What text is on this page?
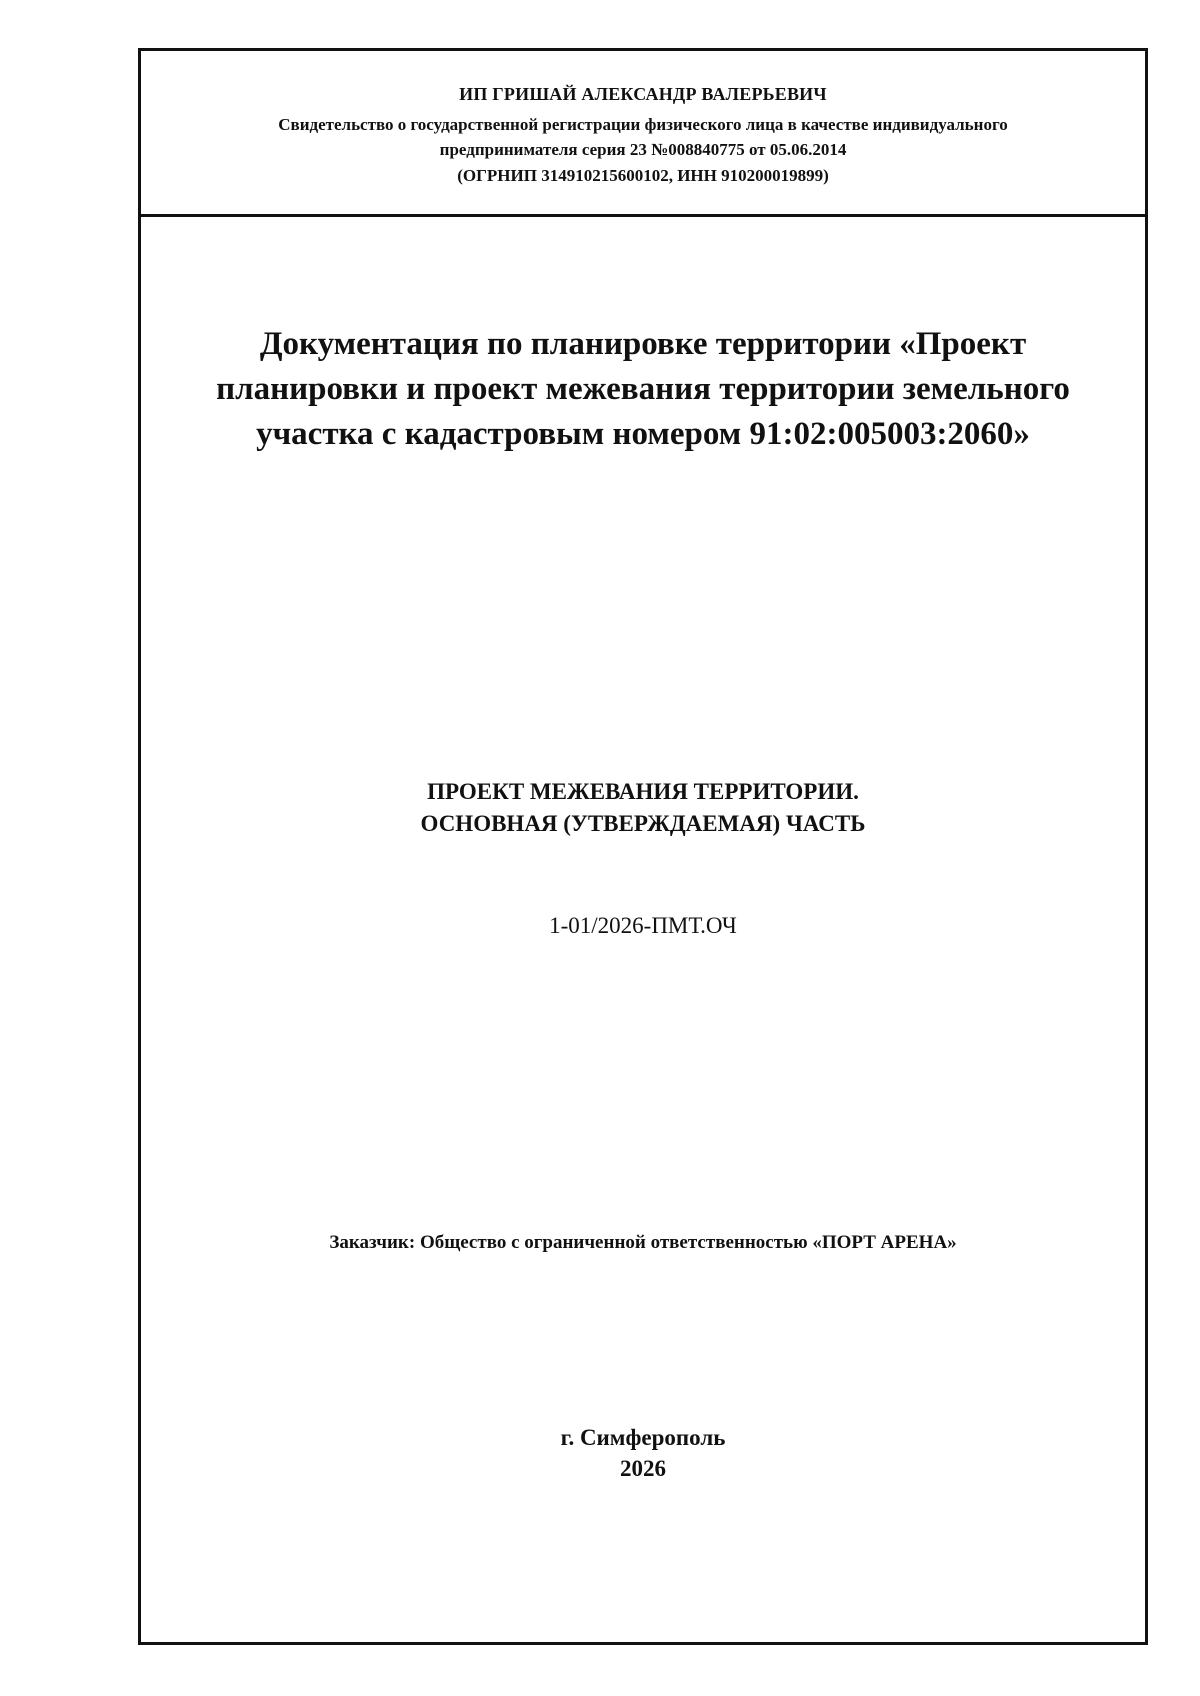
ИП ГРИШАЙ АЛЕКСАНДР ВАЛЕРЬЕВИЧ
Свидетельство о государственной регистрации физического лица в качестве индивидуального
предпринимателя серия 23 №008840775 от 05.06.2014
(ОГРНИП 314910215600102, ИНН 910200019899)
Документация по планировке территории «Проект
планировки и проект межевания территории земельного
участка с кадастровым номером 91:02:005003:2060»
ПРОЕКТ МЕЖЕВАНИЯ ТЕРРИТОРИИ.
ОСНОВНАЯ (УТВЕРЖДАЕМАЯ) ЧАСТЬ
1-01/2026-ПМТ.ОЧ
Заказчик: Общество с ограниченной ответственностью «ПОРТ АРЕНА»
г. Симферополь
2026
